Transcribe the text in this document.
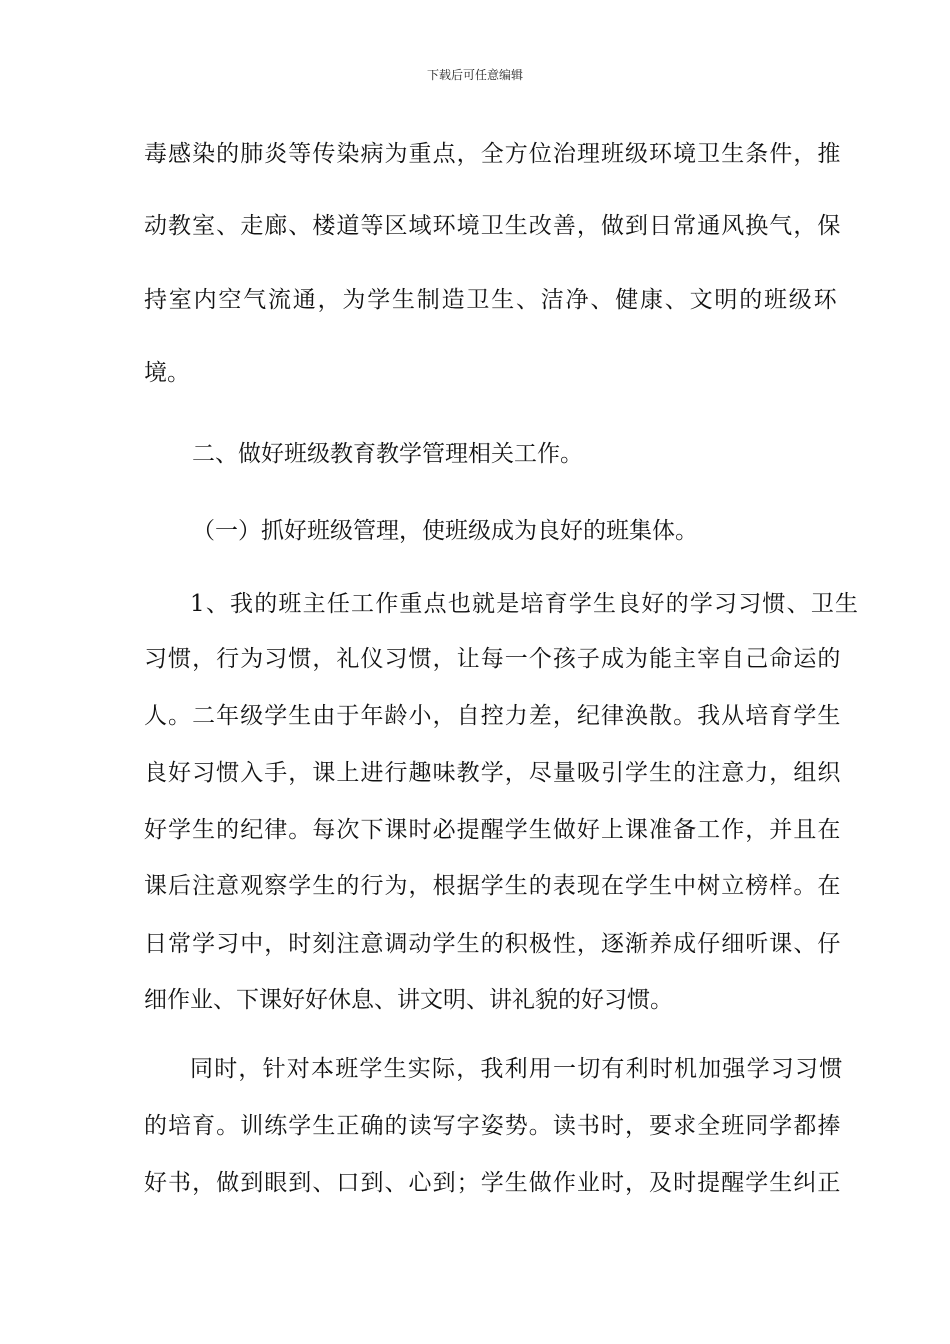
下载后可任意编辑
毒感染的肺炎等传染病为重点，全方位治理班级环境卫生条件，推
动教室、走廊、楼道等区域环境卫生改善，做到日常通风换气，保
持室内空气流通，为学生制造卫生、洁净、健康、文明的班级环
境。
二、做好班级教育教学管理相关工作。
（一）抓好班级管理，使班级成为良好的班集体。
1、我的班主任工作重点也就是培育学生良好的学习习惯、卫生
习惯，行为习惯，礼仪习惯，让每一个孩子成为能主宰自己命运的
人。二年级学生由于年龄小，自控力差，纪律涣散。我从培育学生
良好习惯入手，课上进行趣味教学，尽量吸引学生的注意力，组织
好学生的纪律。每次下课时必提醒学生做好上课准备工作，并且在
课后注意观察学生的行为，根据学生的表现在学生中树立榜样。在
日常学习中，时刻注意调动学生的积极性，逐渐养成仔细听课、仔
细作业、下课好好休息、讲文明、讲礼貌的好习惯。
同时，针对本班学生实际，我利用一切有利时机加强学习习惯
的培育。训练学生正确的读写字姿势。读书时，要求全班同学都捧
好书，做到眼到、口到、心到；学生做作业时，及时提醒学生纠正
